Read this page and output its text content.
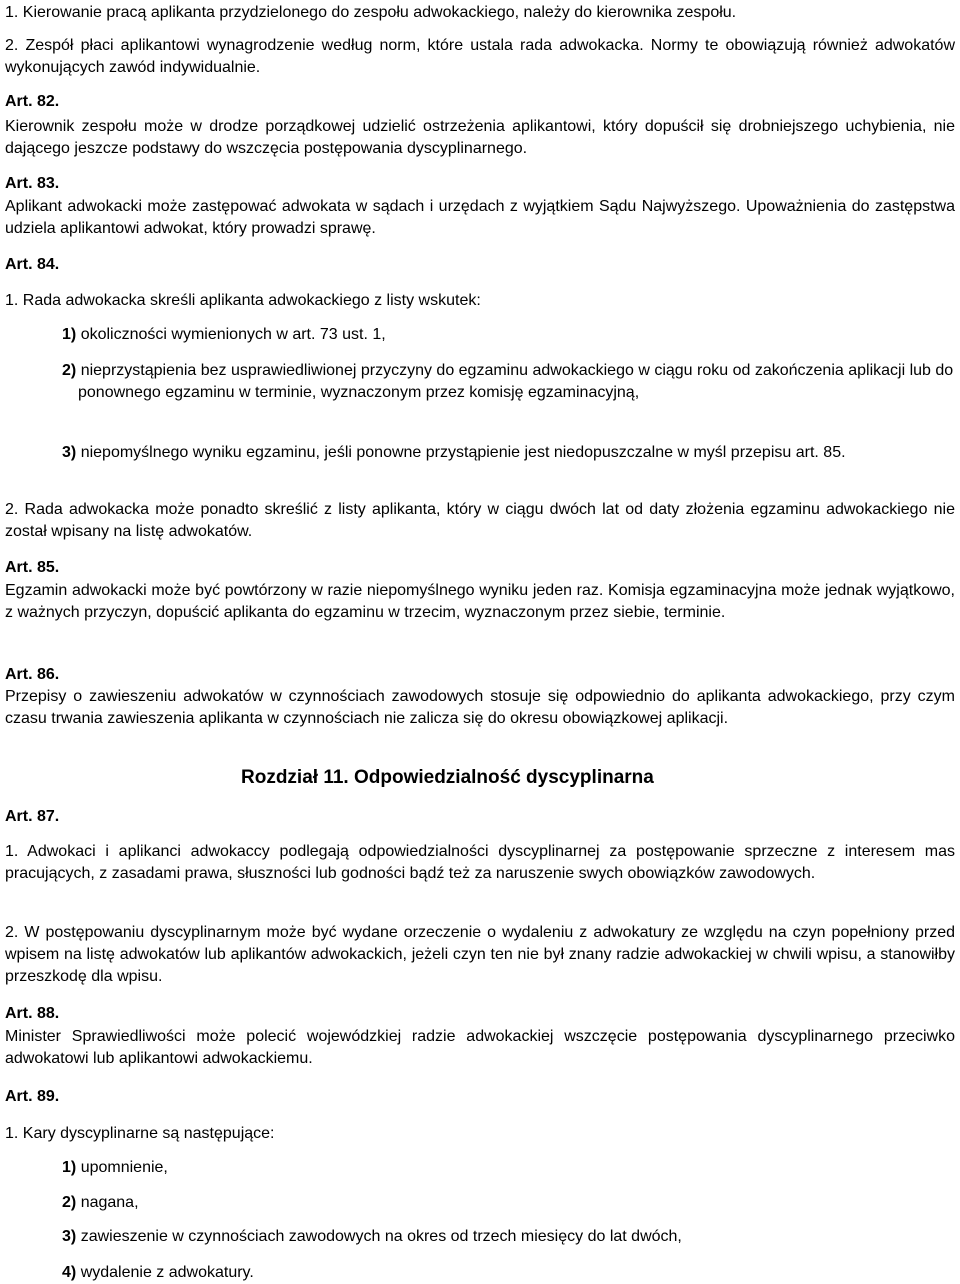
1. Kierowanie pracą aplikanta przydzielonego do zespołu adwokackiego, należy do kierownika zespołu.
2. Zespół płaci aplikantowi wynagrodzenie według norm, które ustala rada adwokacka. Normy te obowiązują również adwokatów wykonujących zawód indywidualnie.
Art. 82.
Kierownik zespołu może w drodze porządkowej udzielić ostrzeżenia aplikantowi, który dopuścił się drobniejszego uchybienia, nie dającego jeszcze podstawy do wszczęcia postępowania dyscyplinarnego.
Art. 83.
Aplikant adwokacki może zastępować adwokata w sądach i urzędach z wyjątkiem Sądu Najwyższego. Upoważnienia do zastępstwa udziela aplikantowi adwokat, który prowadzi sprawę.
Art. 84.
1. Rada adwokacka skreśli aplikanta adwokackiego z listy wskutek:
1) okoliczności wymienionych w art. 73 ust. 1,
2) nieprzystąpienia bez usprawiedliwionej przyczyny do egzaminu adwokackiego w ciągu roku od zakończenia aplikacji lub do ponownego egzaminu w terminie, wyznaczonym przez komisję egzaminacyjną,
3) niepomyślnego wyniku egzaminu, jeśli ponowne przystąpienie jest niedopuszczalne w myśl przepisu art. 85.
2. Rada adwokacka może ponadto skreślić z listy aplikanta, który w ciągu dwóch lat od daty złożenia egzaminu adwokackiego nie został wpisany na listę adwokatów.
Art. 85.
Egzamin adwokacki może być powtórzony w razie niepomyślnego wyniku jeden raz. Komisja egzaminacyjna może jednak wyjątkowo, z ważnych przyczyn, dopuścić aplikanta do egzaminu w trzecim, wyznaczonym przez siebie, terminie.
Art. 86.
Przepisy o zawieszeniu adwokatów w czynnościach zawodowych stosuje się odpowiednio do aplikanta adwokackiego, przy czym czasu trwania zawieszenia aplikanta w czynnościach nie zalicza się do okresu obowiązkowej aplikacji.
Rozdział 11. Odpowiedzialność dyscyplinarna
Art. 87.
1. Adwokaci i aplikanci adwokaccy podlegają odpowiedzialności dyscyplinarnej za postępowanie sprzeczne z interesem mas pracujących, z zasadami prawa, słuszności lub godności bądź też za naruszenie swych obowiązków zawodowych.
2. W postępowaniu dyscyplinarnym może być wydane orzeczenie o wydaleniu z adwokatury ze względu na czyn popełniony przed wpisem na listę adwokatów lub aplikantów adwokackich, jeżeli czyn ten nie był znany radzie adwokackiej w chwili wpisu, a stanowiłby przeszkodę dla wpisu.
Art. 88.
Minister Sprawiedliwości może polecić wojewódzkiej radzie adwokackiej wszczęcie postępowania dyscyplinarnego przeciwko adwokatowi lub aplikantowi adwokackiemu.
Art. 89.
1. Kary dyscyplinarne są następujące:
1) upomnienie,
2) nagana,
3) zawieszenie w czynnościach zawodowych na okres od trzech miesięcy do lat dwóch,
4) wydalenie z adwokatury.
